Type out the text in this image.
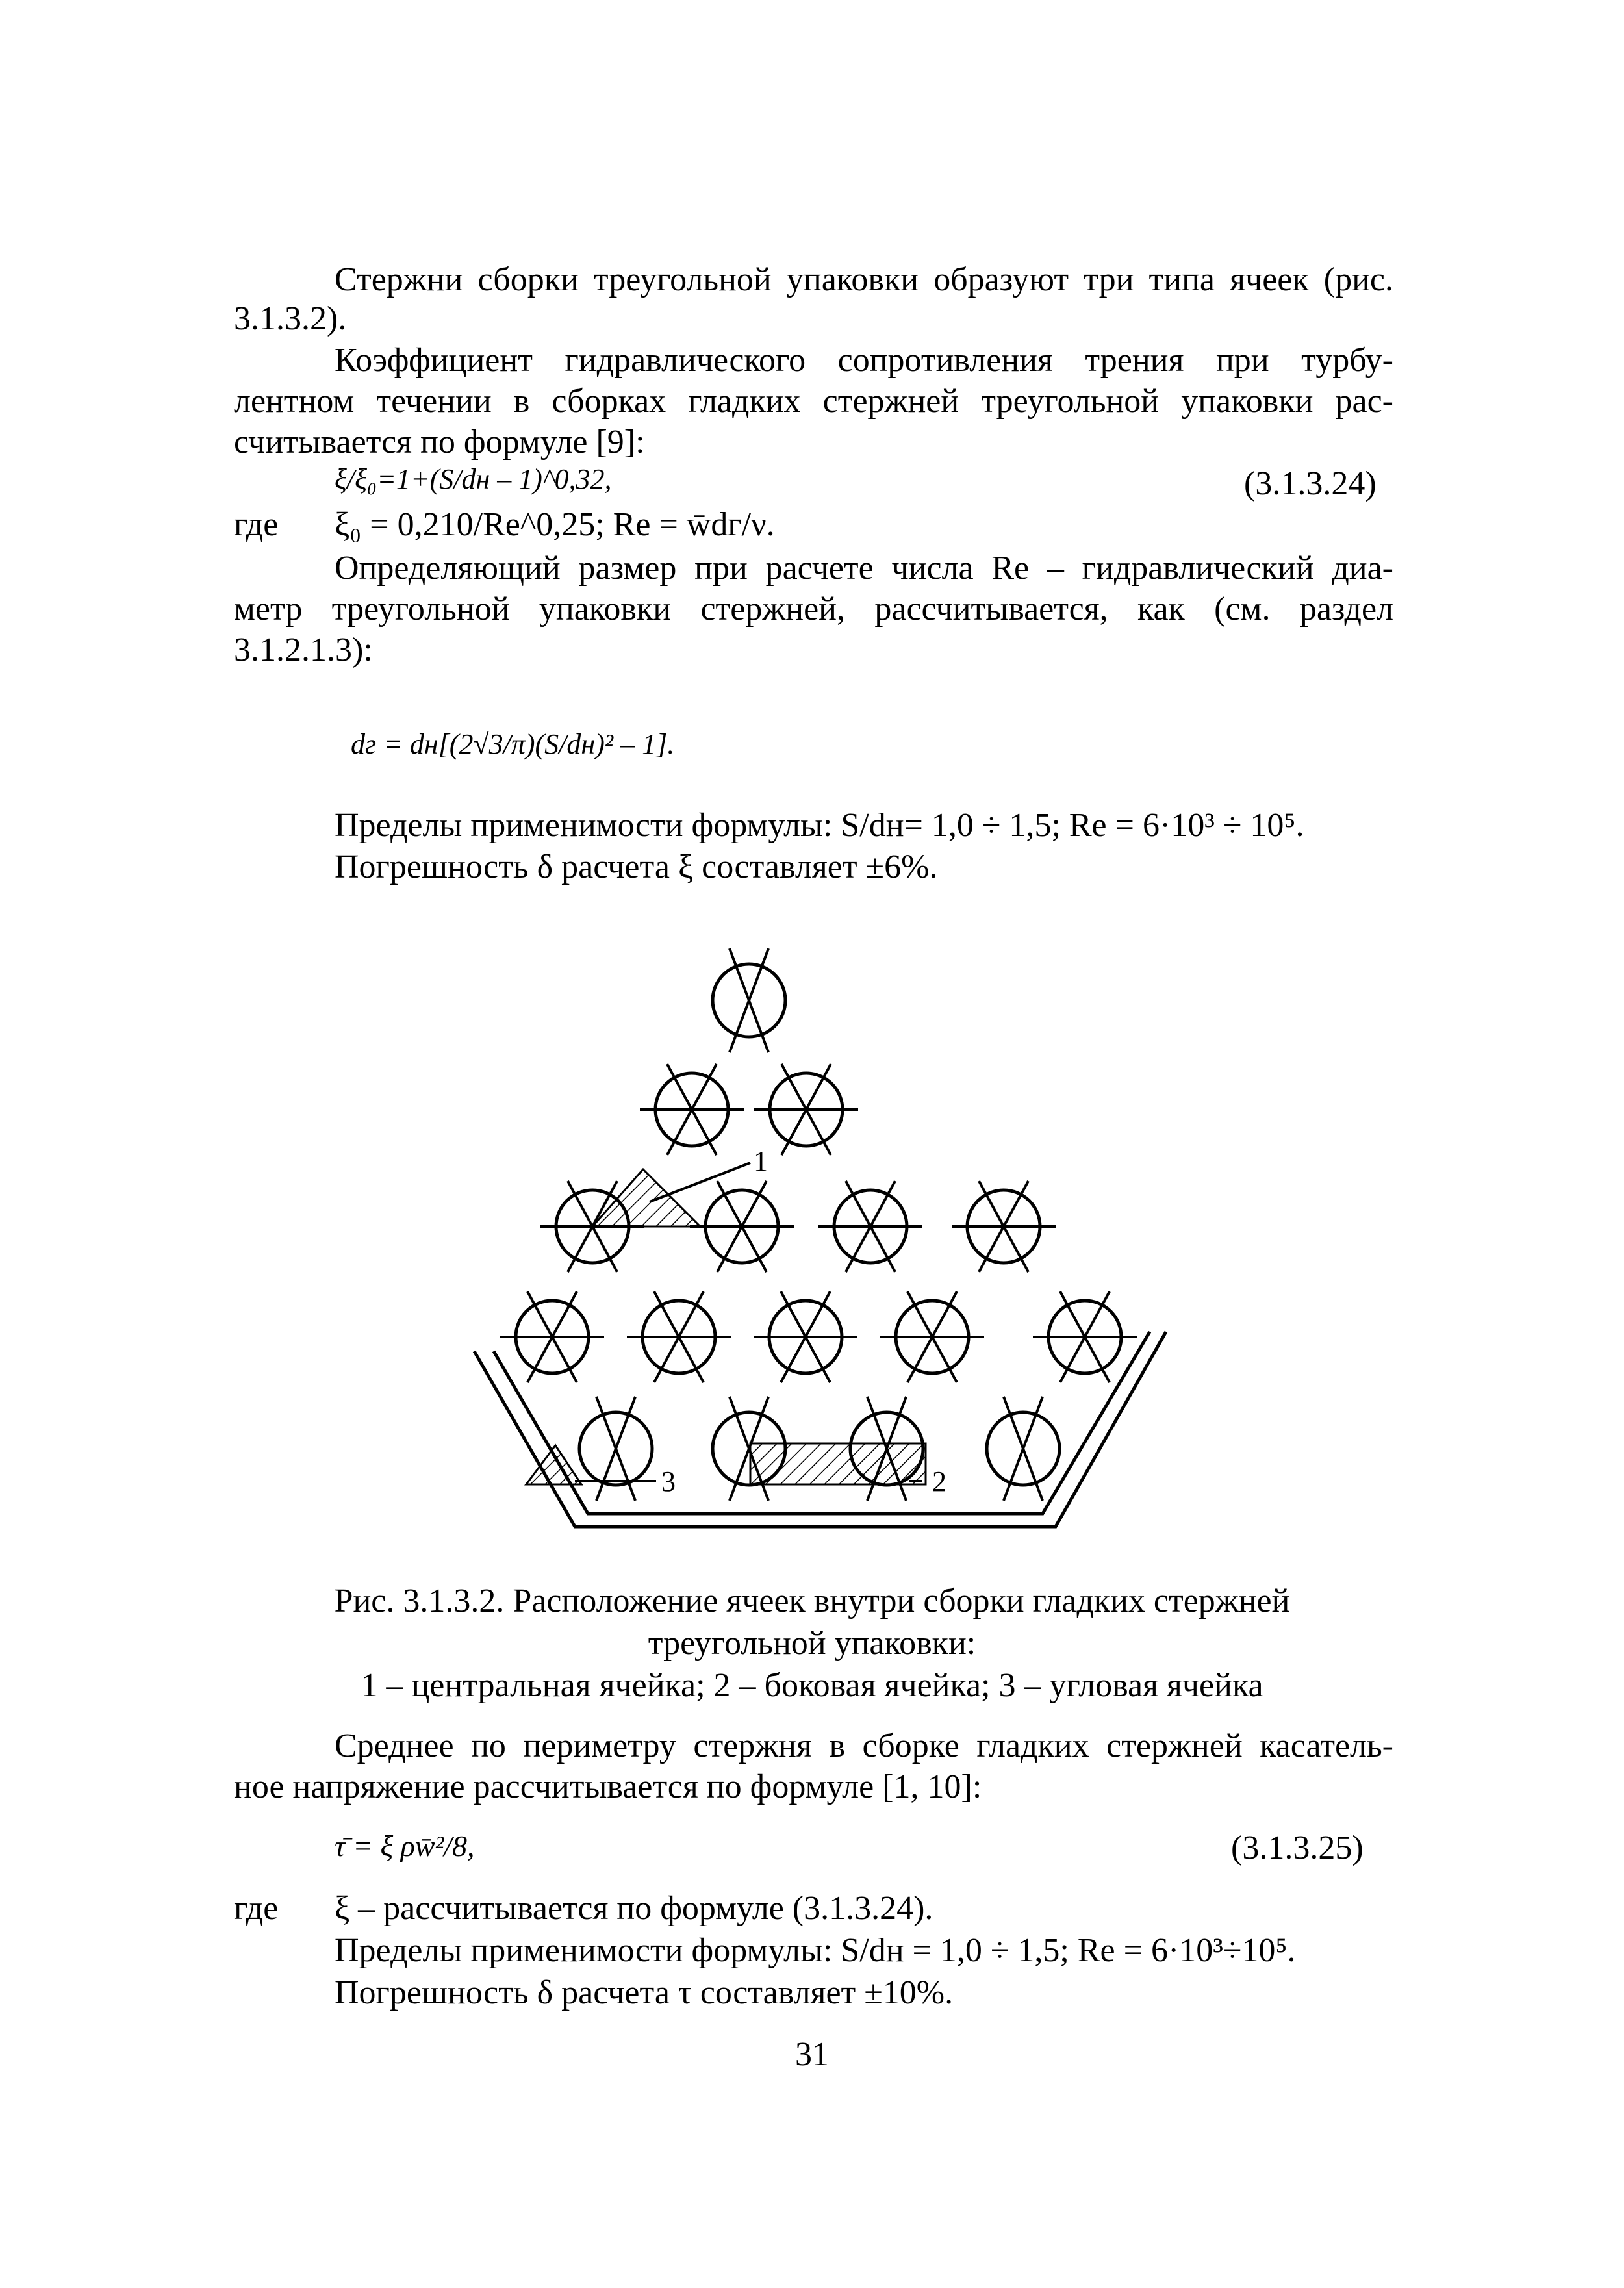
Стержни сборки треугольной упаковки образуют три типа ячеек (рис.
3.1.3.2).
Коэффициент гидравлического сопротивления трения при турбу-
лентном течении в сборках гладких стержней треугольной упаковки рас-
считывается по формуле [9]:
ξ/ξ₀=1+(S/dн – 1)^0,32,	(3.1.3.24)
где ξ₀ = 0,210/Re^0,25; Re = w̄dг/ν.
Определяющий размер при расчете числа Re – гидравлический диа-
метр треугольной упаковки стержней, рассчитывается, как (см. раздел
3.1.2.1.3):
dг = dн[(2√3/π)(S/dн)² – 1].
Пределы применимости формулы: S/dн= 1,0 ÷ 1,5; Re = 6·10³ ÷ 10⁵.
Погрешность δ расчета ξ составляет ±6%.
1
3	2
Рис. 3.1.3.2. Расположение ячеек внутри сборки гладких стержней
треугольной упаковки:
1 – центральная ячейка; 2 – боковая ячейка; 3 – угловая ячейка
Среднее по периметру стержня в сборке гладких стержней касатель-
ное напряжение рассчитывается по формуле [1, 10]:
τ̄ = ξ ρw̄²/8,	(3.1.3.25)
где ξ – рассчитывается по формуле (3.1.3.24).
Пределы применимости формулы: S/dн = 1,0 ÷ 1,5; Re = 6·10³÷10⁵.
Погрешность δ расчета τ составляет ±10%.
31
